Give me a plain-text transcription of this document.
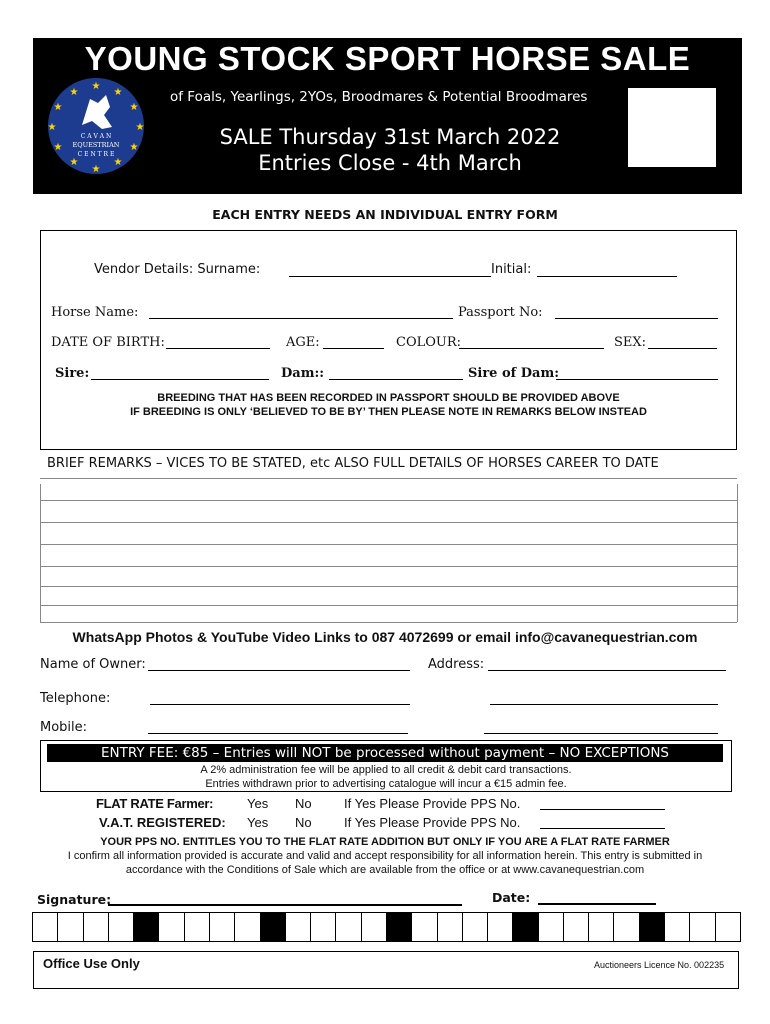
YOUNG STOCK SPORT HORSE SALE
★
★
★
★
★
★
★
★
★
★
★
★
C A V A N
EQUESTRIAN
C E N T R E
of Foals, Yearlings, 2YOs, Broodmares & Potential Broodmares
SALE Thursday 31st March 2022
Entries Close - 4th March
EACH ENTRY NEEDS AN INDIVIDUAL ENTRY FORM
Vendor Details: Surname:	Initial:
Horse Name:	Passport No:
DATE OF BIRTH:	AGE:	COLOUR:	SEX:
Sire:	Dam::	Sire of Dam:
BREEDING THAT HAS BEEN RECORDED IN PASSPORT SHOULD BE PROVIDED ABOVE
IF BREEDING IS ONLY ‘BELIEVED TO BE BY’ THEN PLEASE NOTE IN REMARKS BELOW INSTEAD
BRIEF REMARKS – VICES TO BE STATED, etc ALSO FULL DETAILS OF HORSES CAREER TO DATE
WhatsApp Photos & YouTube Video Links to 087 4072699 or email info@cavanequestrian.com
Name of Owner:	Address:
Telephone:
Mobile:
ENTRY FEE: €85 – Entries will NOT be processed without payment – NO EXCEPTIONS
A 2% administration fee will be applied to all credit & debit card transactions.
Entries withdrawn prior to advertising catalogue will incur a €15 admin fee.
FLAT RATE Farmer:	Yes No If Yes Please Provide PPS No.
V.A.T. REGISTERED: Yes No If Yes Please Provide PPS No.
YOUR PPS NO. ENTITLES YOU TO THE FLAT RATE ADDITION BUT ONLY IF YOU ARE A FLAT RATE FARMER
I confirm all information provided is accurate and valid and accept responsibility for all information herein. This entry is submitted in
accordance with the Conditions of Sale which are available from the office or at www.cavanequestrian.com
Signature:	Date:
Office Use Only	Auctioneers Licence No. 002235
